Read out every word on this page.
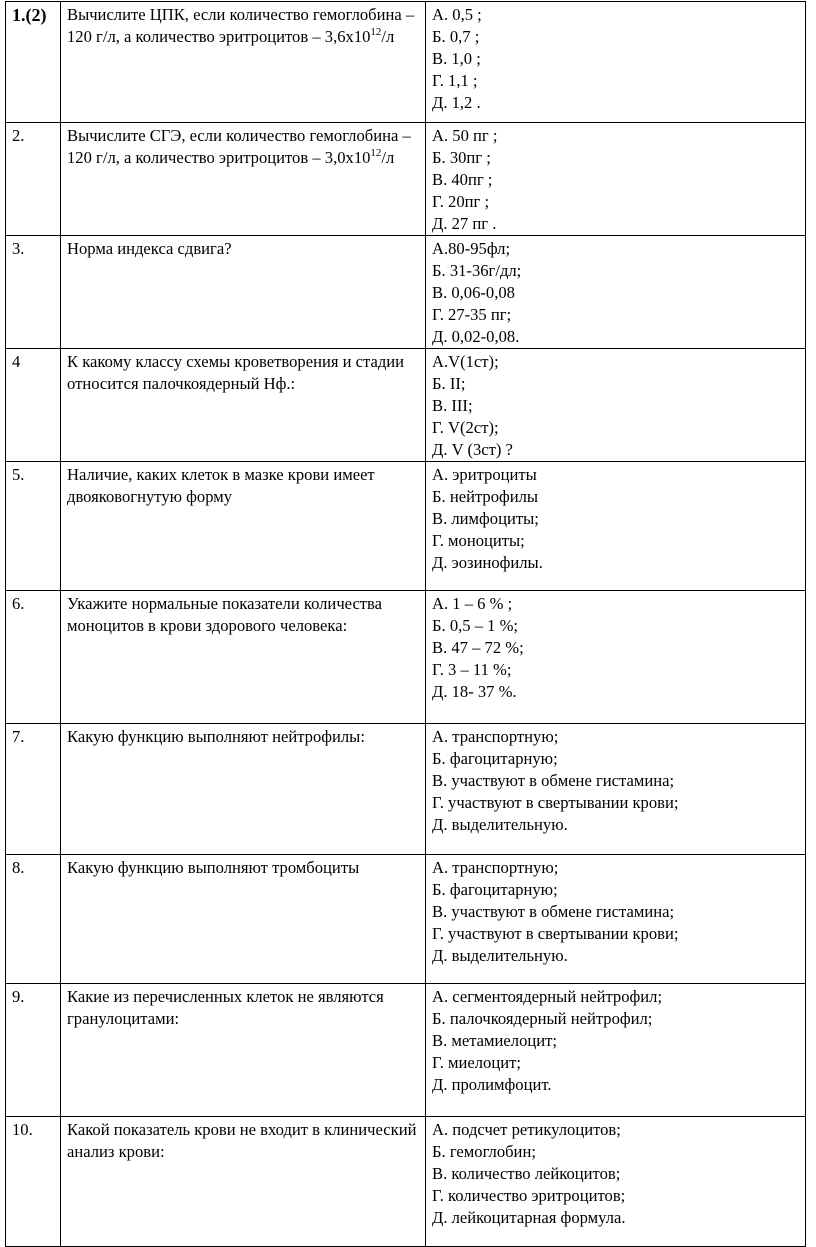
1.(2)	Вычислите ЦПК, если количество гемоглобина – 120 г/л, а количество эритроцитов – $3,6х10^{12}/л$	А. 0,5 ;
Б. 0,7 ;
В. 1,0 ;
Г. 1,1 ;
Д. 1,2 .

2.	Вычислите СГЭ, если количество гемоглобина – 120 г/л, а количество эритроцитов – $3,0х10^{12}/л$	А. 50 пг ;
Б. 30пг ;
В. 40пг ;
Г. 20пг ;
Д. 27 пг .

3.	Норма индекса сдвига?	А.80-95фл;
Б. 31-36г/дл;
В. 0,06-0,08
Г. 27-35 пг;
Д. 0,02-0,08.

4	К какому классу схемы кроветворения и стадии относится палочкоядерный Нф.:	А.V(1ст);
Б. II;
В. III;
Г. V(2ст);
Д. V (3ст) ?

5.	Наличие, каких клеток в мазке крови имеет двояковогнутую форму	А. эритроциты
Б. нейтрофилы
В. лимфоциты;
Г. моноциты;
Д. эозинофилы.

6.	Укажите нормальные показатели количества моноцитов в крови здорового человека:	А. 1 – 6 % ;
Б. 0,5 – 1 %;
В. 47 – 72 %;
Г. 3 – 11 %;
Д. 18- 37 %.

7.	Какую функцию выполняют нейтрофилы:	А. транспортную;
Б. фагоцитарную;
В. участвуют в обмене гистамина;
Г. участвуют в свертывании крови;
Д. выделительную.

8.	Какую функцию выполняют тромбоциты	А. транспортную;
Б. фагоцитарную;
В. участвуют в обмене гистамина;
Г. участвуют в свертывании крови;
Д. выделительную.

9.	Какие из перечисленных клеток не являются гранулоцитами:	А. сегментоядерный нейтрофил;
Б. палочкоядерный нейтрофил;
В. метамиелоцит;
Г. миелоцит;
Д. пролимфоцит.

10.	Какой показатель крови не входит в клинический анализ крови:	А. подсчет ретикулоцитов;
Б. гемоглобин;
В. количество лейкоцитов;
Г. количество эритроцитов;
Д. лейкоцитарная формула.
